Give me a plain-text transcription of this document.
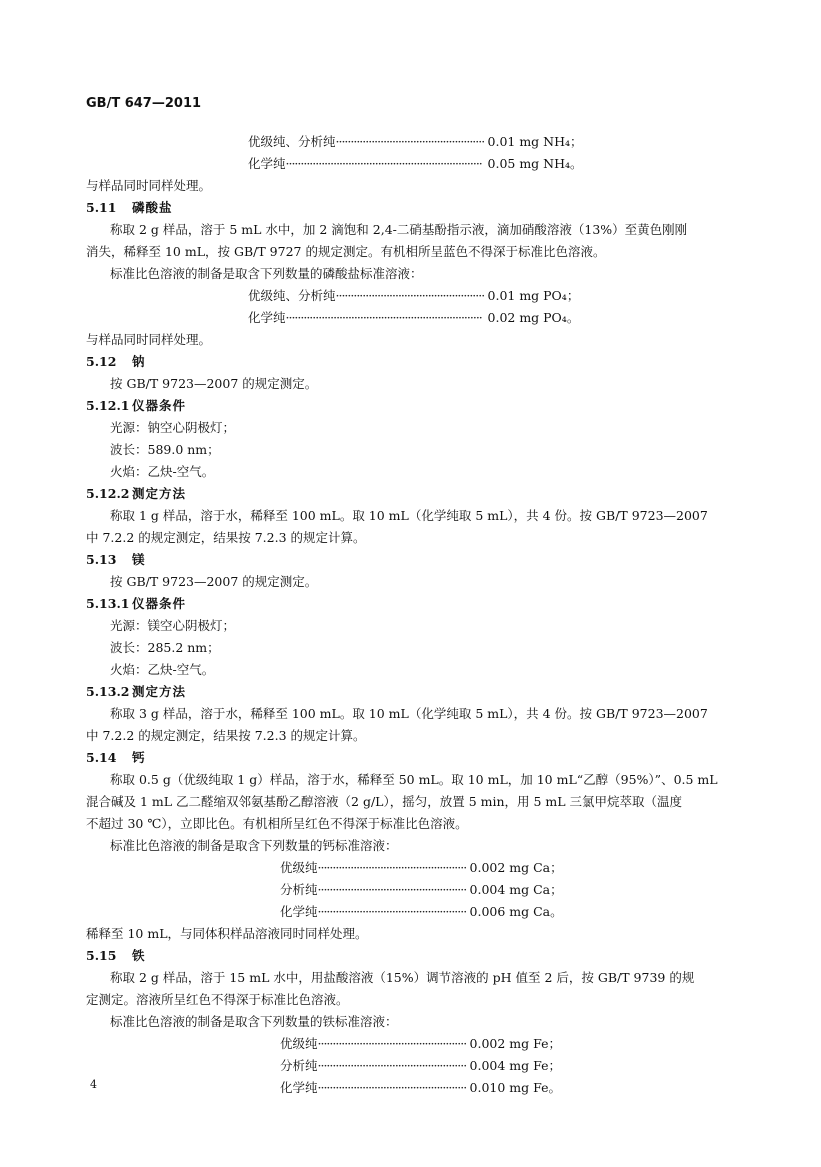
GB/T 647—2011
优级纯、分析纯·················································· 0.01 mg NH₄；
化学纯·································································· 0.05 mg NH₄。
与样品同时同样处理。
5.11 磷酸盐
称取 2 g 样品，溶于 5 mL 水中，加 2 滴饱和 2,4-二硝基酚指示液，滴加硝酸溶液（13%）至黄色刚刚
消失，稀释至 10 mL，按 GB/T 9727 的规定测定。有机相所呈蓝色不得深于标准比色溶液。
标准比色溶液的制备是取含下列数量的磷酸盐标准溶液：
优级纯、分析纯·················································· 0.01 mg PO₄；
化学纯·································································· 0.02 mg PO₄。
与样品同时同样处理。
5.12 钠
按 GB/T 9723—2007 的规定测定。
5.12.1 仪器条件
光源：钠空心阴极灯；
波长：589.0 nm；
火焰：乙炔-空气。
5.12.2 测定方法
称取 1 g 样品，溶于水，稀释至 100 mL。取 10 mL（化学纯取 5 mL），共 4 份。按 GB/T 9723—2007
中 7.2.2 的规定测定，结果按 7.2.3 的规定计算。
5.13 镁
按 GB/T 9723—2007 的规定测定。
5.13.1 仪器条件
光源：镁空心阴极灯；
波长：285.2 nm；
火焰：乙炔-空气。
5.13.2 测定方法
称取 3 g 样品，溶于水，稀释至 100 mL。取 10 mL（化学纯取 5 mL），共 4 份。按 GB/T 9723—2007
中 7.2.2 的规定测定，结果按 7.2.3 的规定计算。
5.14 钙
称取 0.5 g（优级纯取 1 g）样品，溶于水，稀释至 50 mL。取 10 mL，加 10 mL“乙醇（95%）”、0.5 mL
混合碱及 1 mL 乙二醛缩双邻氨基酚乙醇溶液（2 g/L），摇匀，放置 5 min，用 5 mL 三氯甲烷萃取（温度
不超过 30 ℃），立即比色。有机相所呈红色不得深于标准比色溶液。
标准比色溶液的制备是取含下列数量的钙标准溶液：
优级纯·················································· 0.002 mg Ca；
分析纯·················································· 0.004 mg Ca；
化学纯·················································· 0.006 mg Ca。
稀释至 10 mL，与同体积样品溶液同时同样处理。
5.15 铁
称取 2 g 样品，溶于 15 mL 水中，用盐酸溶液（15%）调节溶液的 pH 值至 2 后，按 GB/T 9739 的规
定测定。溶液所呈红色不得深于标准比色溶液。
标准比色溶液的制备是取含下列数量的铁标准溶液：
优级纯·················································· 0.002 mg Fe；
分析纯·················································· 0.004 mg Fe；
化学纯·················································· 0.010 mg Fe。
4
